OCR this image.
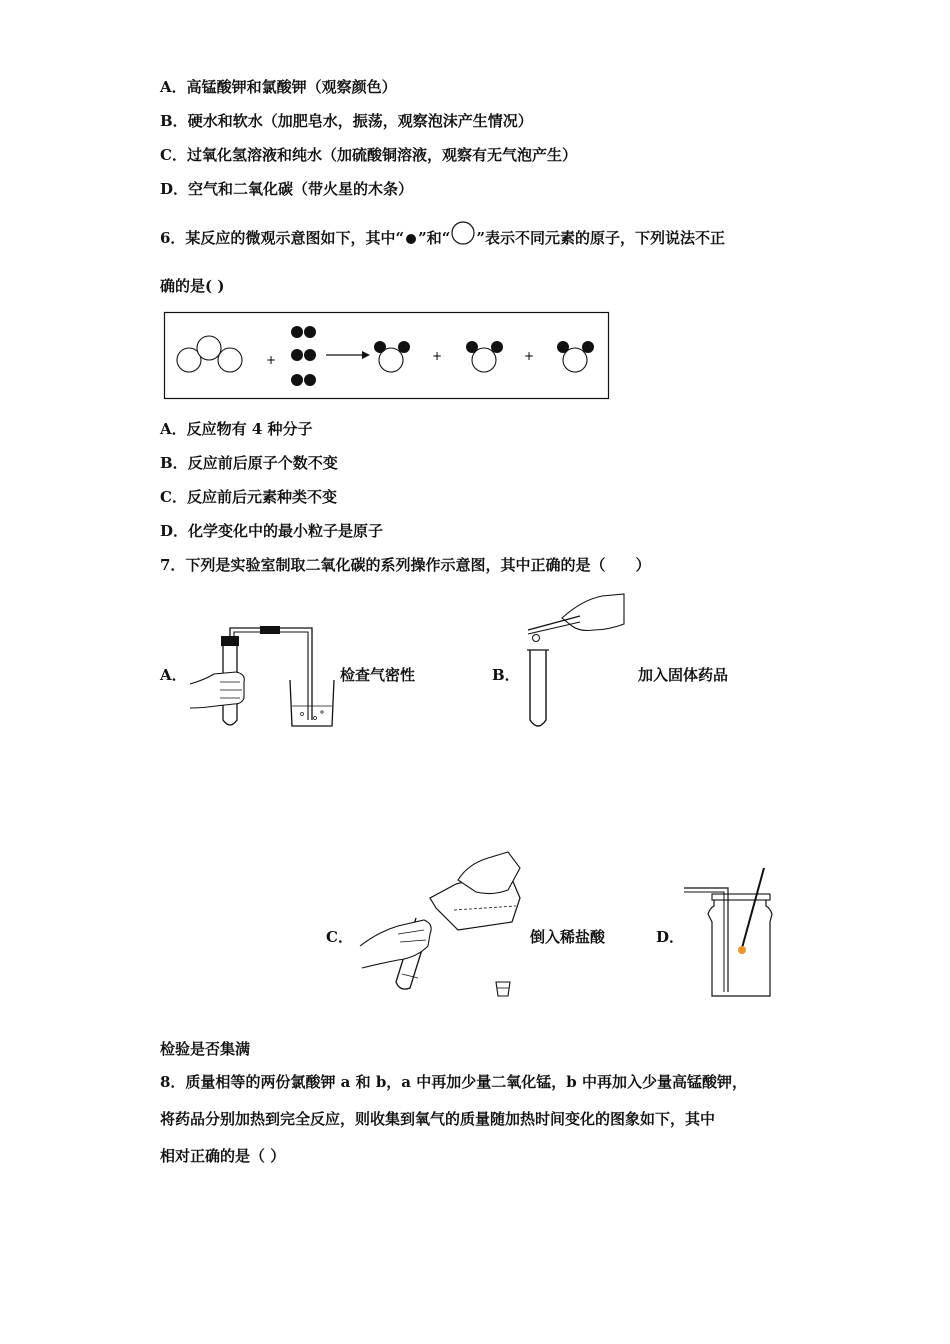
A．高锰酸钾和氯酸钾（观察颜色）
B．硬水和软水（加肥皂水，振荡，观察泡沫产生情况）
C．过氧化氢溶液和纯水（加硫酸铜溶液，观察有无气泡产生）
D．空气和二氧化碳（带火星的木条）
6．某反应的微观示意图如下，其中“ ”和“ ”表示不同元素的原子，下列说法不正
确的是( )
+	+	+
A．反应物有 4 种分子
B．反应前后原子个数不变
C．反应前后元素种类不变
D．化学变化中的最小粒子是原子
7．下列是实验室制取二氧化碳的系列操作示意图，其中正确的是（　　）
A．	检查气密性	B．	加入固体药品
C．	倒入稀盐酸	D．
检验是否集满
8．质量相等的两份氯酸钾 a 和 b，a 中再加少量二氧化锰，b 中再加入少量高锰酸钾，
将药品分别加热到完全反应，则收集到氧气的质量随加热时间变化的图象如下，其中
相对正确的是（ ）
